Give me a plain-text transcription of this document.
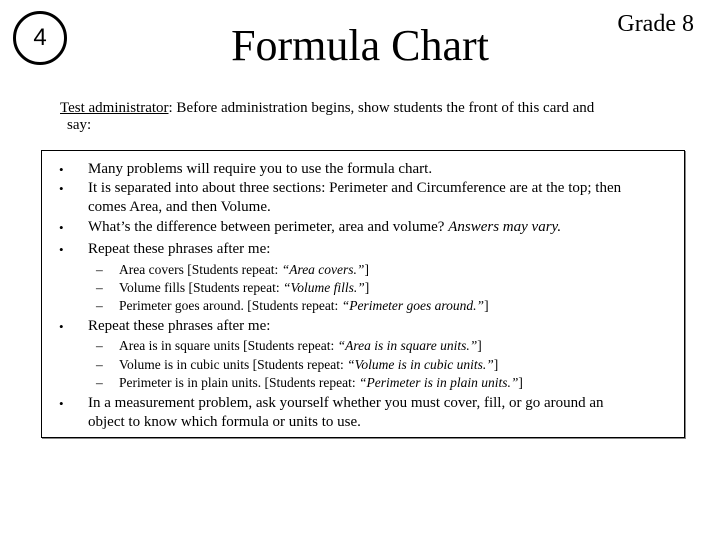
4	Formula Chart	Grade 8
Test administrator: Before administration begins, show students the front of this card and
say:
• Many problems will require you to use the formula chart.
• It is separated into about three sections: Perimeter and Circumference are at the top; then comes Area, and then Volume.
• What’s the difference between perimeter, area and volume? Answers may vary.
• Repeat these phrases after me:
– Area covers [Students repeat: “Area covers.”]
– Volume fills [Students repeat: “Volume fills.”]
– Perimeter goes around. [Students repeat: “Perimeter goes around.”]
• Repeat these phrases after me:
– Area is in square units [Students repeat: “Area is in square units.”]
– Volume is in cubic units [Students repeat: “Volume is in cubic units.”]
– Perimeter is in plain units. [Students repeat: “Perimeter is in plain units.”]
• In a measurement problem, ask yourself whether you must cover, fill, or go around an object to know which formula or units to use.
